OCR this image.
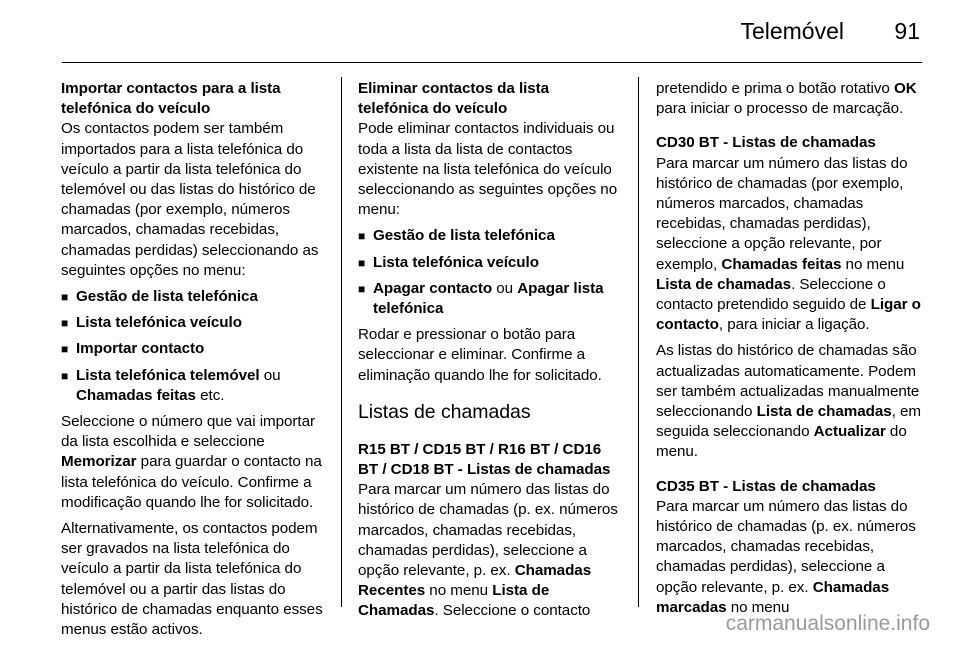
Telemóvel 91

Importar contactos para a lista telefónica do veículo

Os contactos podem ser também importados para a lista telefónica do veículo a partir da lista telefónica do telemóvel ou das listas do histórico de chamadas (por exemplo, números marcados, chamadas recebidas, chamadas perdidas) seleccionando as seguintes opções no menu:

■ Gestão de lista telefónica
■ Lista telefónica veículo
■ Importar contacto
■ Lista telefónica telemóvel ou
Chamadas feitas etc.

Seleccione o número que vai importar da lista escolhida e seleccione Memorizar para guardar o contacto na lista telefónica do veículo. Confirme a modificação quando lhe for solicitado.

Alternativamente, os contactos podem ser gravados na lista telefónica do veículo a partir da lista telefónica do telemóvel ou a partir das listas do histórico de chamadas enquanto esses menus estão activos.

Eliminar contactos da lista telefónica do veículo

Pode eliminar contactos individuais ou toda a lista da lista de contactos existente na lista telefónica do veículo seleccionando as seguintes opções no menu:

■ Gestão de lista telefónica
■ Lista telefónica veículo
■ Apagar contacto ou Apagar lista telefónica

Rodar e pressionar o botão para seleccionar e eliminar. Confirme a eliminação quando lhe for solicitado.

Listas de chamadas

R15 BT / CD15 BT / R16 BT / CD16 BT / CD18 BT - Listas de chamadas

Para marcar um número das listas do histórico de chamadas (p. ex. números marcados, chamadas recebidas, chamadas perdidas), seleccione a opção relevante, p. ex. Chamadas Recentes no menu Lista de Chamadas. Seleccione o contacto

pretendido e prima o botão rotativo OK para iniciar o processo de marcação.

CD30 BT - Listas de chamadas

Para marcar um número das listas do histórico de chamadas (por exemplo, números marcados, chamadas recebidas, chamadas perdidas), seleccione a opção relevante, por exemplo, Chamadas feitas no menu Lista de chamadas. Seleccione o contacto pretendido seguido de Ligar o contacto, para iniciar a ligação.

As listas do histórico de chamadas são actualizadas automaticamente. Podem ser também actualizadas manualmente seleccionando Lista de chamadas, em seguida seleccionando Actualizar do menu.

CD35 BT - Listas de chamadas

Para marcar um número das listas do histórico de chamadas (p. ex. números marcados, chamadas recebidas, chamadas perdidas), seleccione a opção relevante, p. ex. Chamadas marcadas no menu

carmanualsonline.info
